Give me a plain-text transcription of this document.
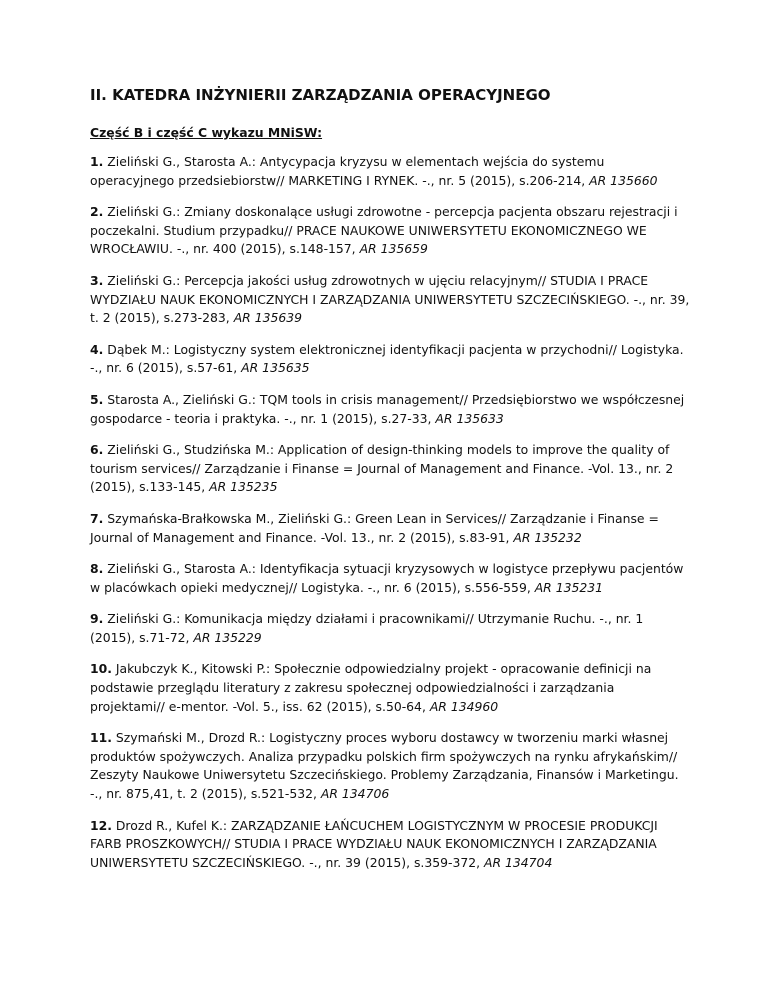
II. KATEDRA INŻYNIERII ZARZĄDZANIA OPERACYJNEGO
Część B i część C wykazu MNiSW:

1. Zieliński G., Starosta A.: Antycypacja kryzysu w elementach wejścia do systemu operacyjnego przedsiebiorstw// MARKETING I RYNEK. -., nr. 5 (2015), s.206-214, AR 135660

2. Zieliński G.: Zmiany doskonalące usługi zdrowotne - percepcja pacjenta obszaru rejestracji i poczekalni. Studium przypadku// PRACE NAUKOWE UNIWERSYTETU EKONOMICZNEGO WE WROCŁAWIU. -., nr. 400 (2015), s.148-157, AR 135659

3. Zieliński G.: Percepcja jakości usług zdrowotnych w ujęciu relacyjnym// STUDIA I PRACE WYDZIAŁU NAUK EKONOMICZNYCH I ZARZĄDZANIA UNIWERSYTETU SZCZECIŃSKIEGO. -., nr. 39, t. 2 (2015), s.273-283, AR 135639

4. Dąbek M.: Logistyczny system elektronicznej identyfikacji pacjenta w przychodni// Logistyka. -., nr. 6 (2015), s.57-61, AR 135635

5. Starosta A., Zieliński G.: TQM tools in crisis management// Przedsiębiorstwo we współczesnej gospodarce - teoria i praktyka. -., nr. 1 (2015), s.27-33, AR 135633

6. Zieliński G., Studzińska M.: Application of design-thinking models to improve the quality of tourism services// Zarządzanie i Finanse = Journal of Management and Finance. -Vol. 13., nr. 2 (2015), s.133-145, AR 135235

7. Szymańska-Brałkowska M., Zieliński G.: Green Lean in Services// Zarządzanie i Finanse = Journal of Management and Finance. -Vol. 13., nr. 2 (2015), s.83-91, AR 135232

8. Zieliński G., Starosta A.: Identyfikacja sytuacji kryzysowych w logistyce przepływu pacjentów w placówkach opieki medycznej// Logistyka. -., nr. 6 (2015), s.556-559, AR 135231

9. Zieliński G.: Komunikacja między działami i pracownikami// Utrzymanie Ruchu. -., nr. 1 (2015), s.71-72, AR 135229

10. Jakubczyk K., Kitowski P.: Społecznie odpowiedzialny projekt - opracowanie definicji na podstawie przeglądu literatury z zakresu społecznej odpowiedzialności i zarządzania projektami// e-mentor. -Vol. 5., iss. 62 (2015), s.50-64, AR 134960

11. Szymański M., Drozd R.: Logistyczny proces wyboru dostawcy w tworzeniu marki własnej produktów spożywczych. Analiza przypadku polskich firm spożywczych na rynku afrykańskim// Zeszyty Naukowe Uniwersytetu Szczecińskiego. Problemy Zarządzania, Finansów i Marketingu. -., nr. 875,41, t. 2 (2015), s.521-532, AR 134706

12. Drozd R., Kufel K.: ZARZĄDZANIE ŁAŃCUCHEM LOGISTYCZNYM W PROCESIE PRODUKCJI FARB PROSZKOWYCH// STUDIA I PRACE WYDZIAŁU NAUK EKONOMICZNYCH I ZARZĄDZANIA UNIWERSYTETU SZCZECIŃSKIEGO. -., nr. 39 (2015), s.359-372, AR 134704
